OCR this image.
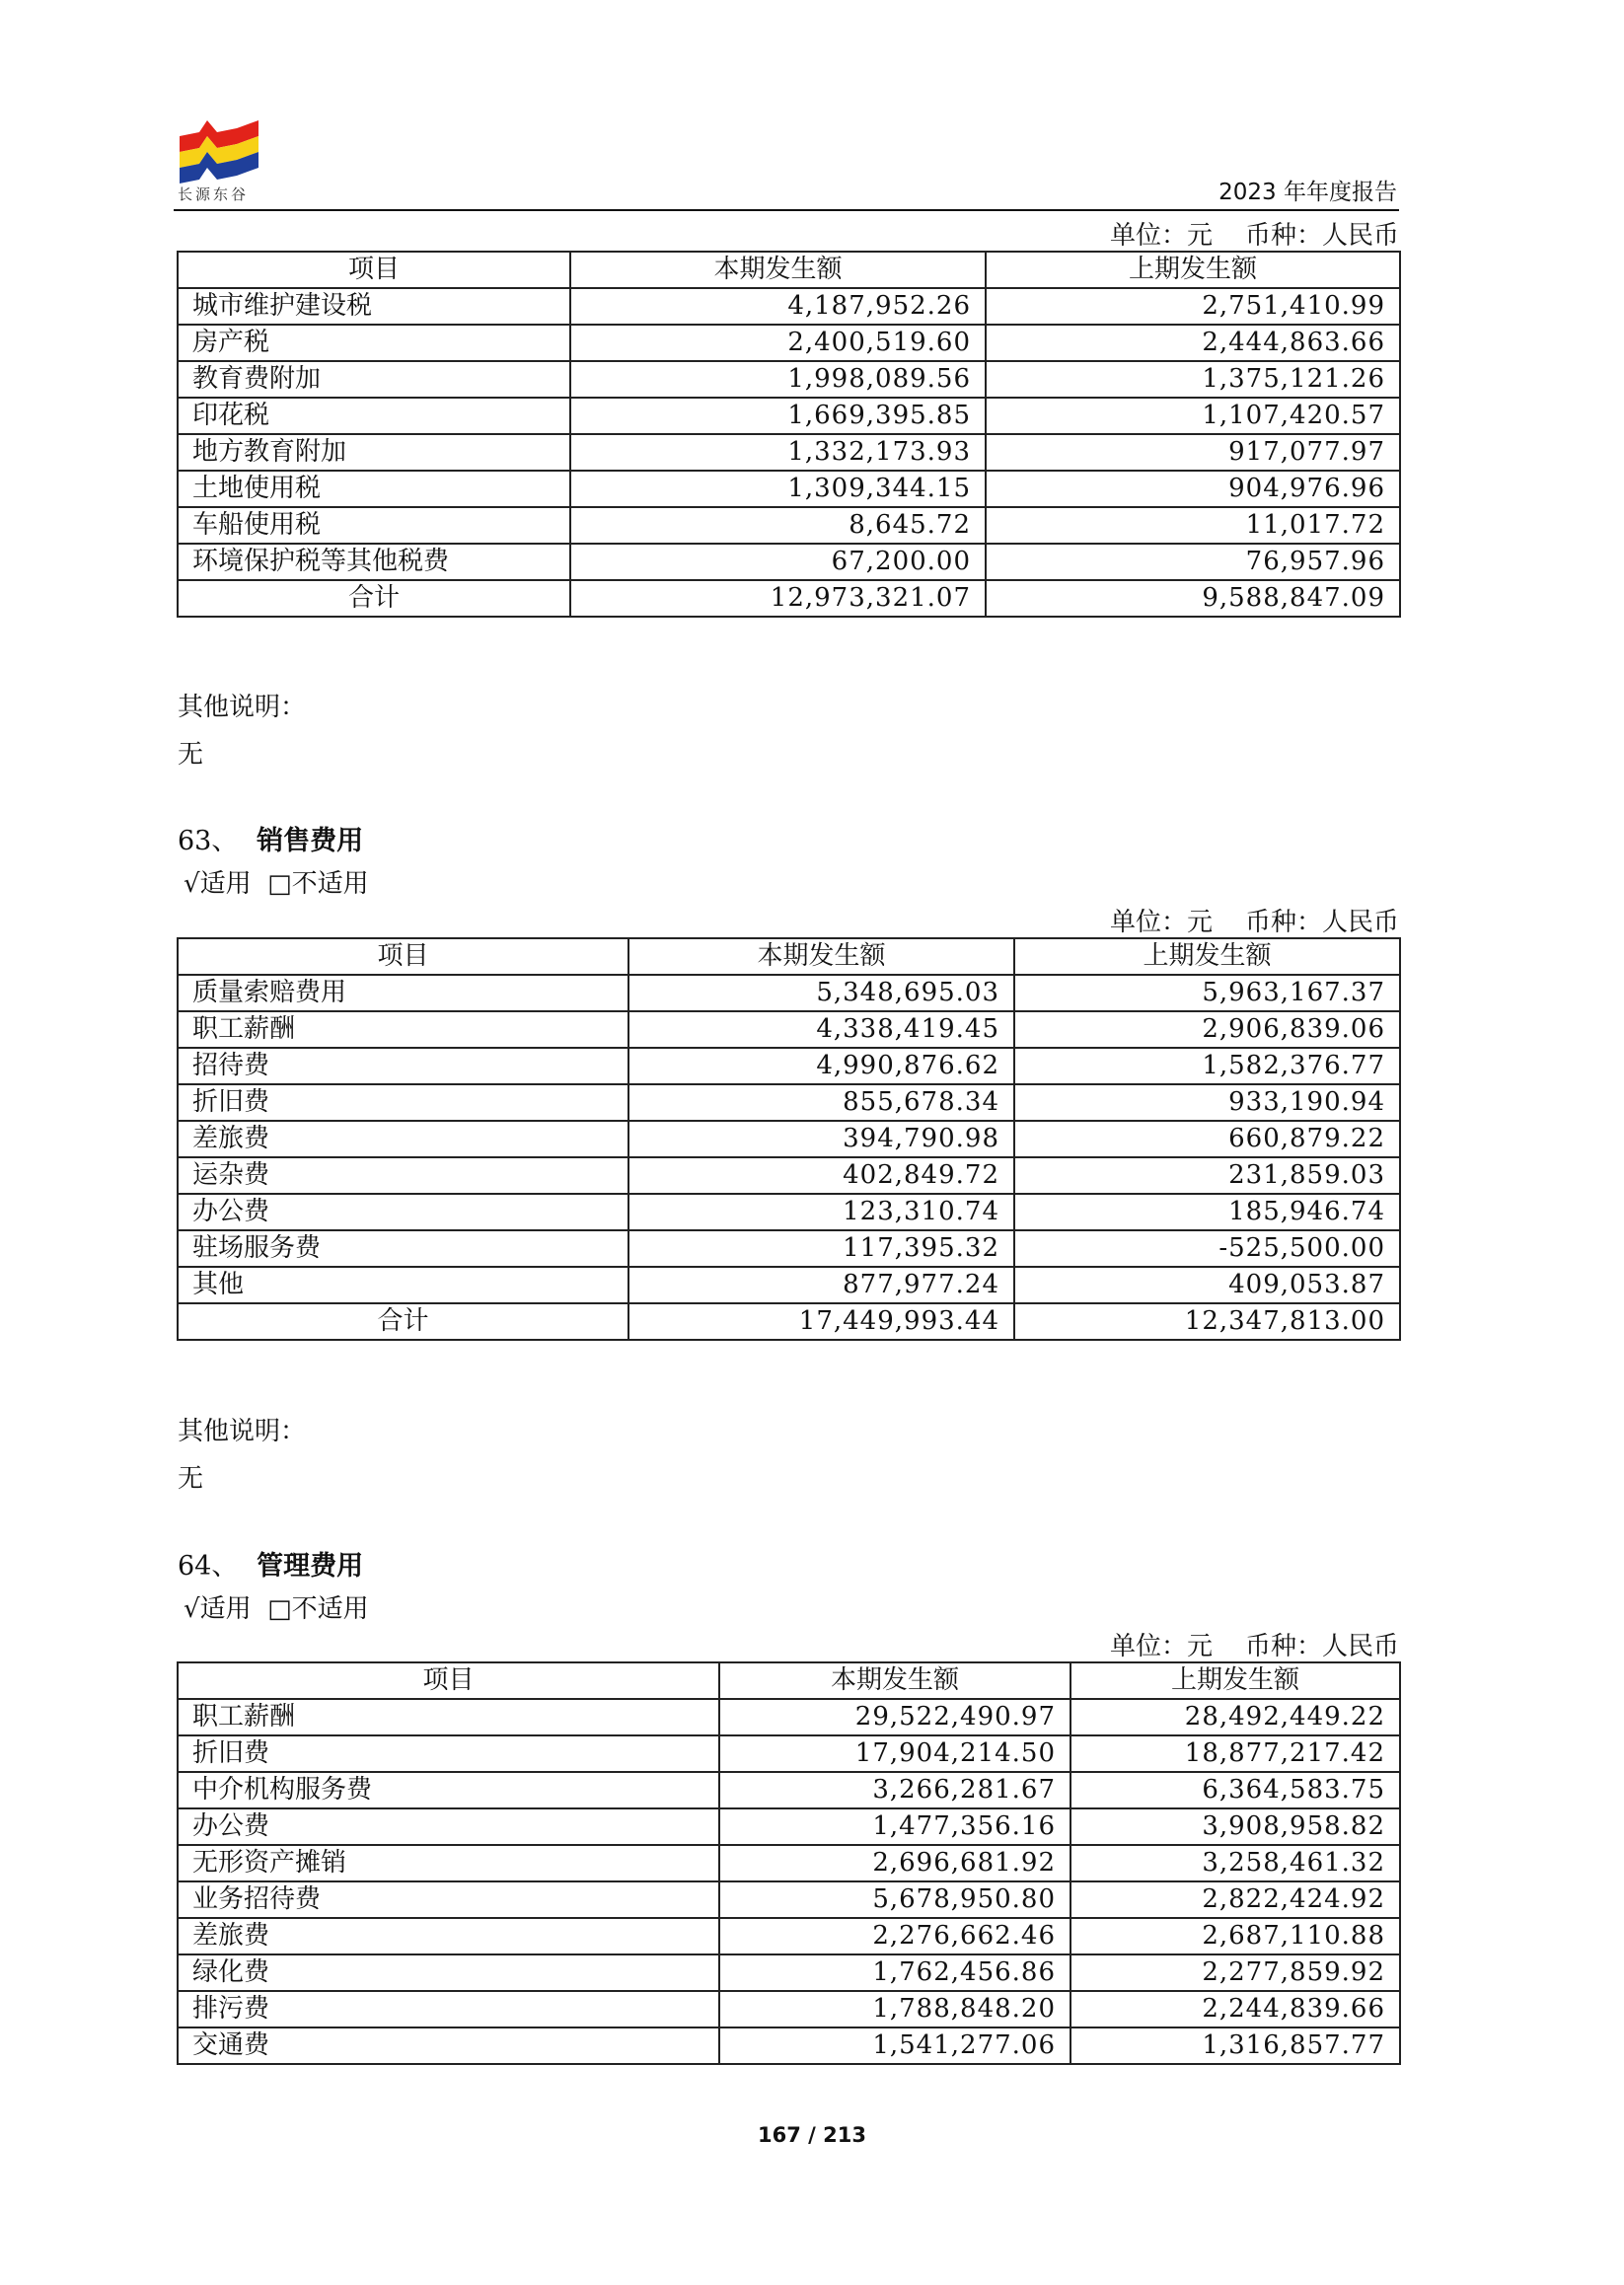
长源东谷	2023 年年度报告
单位：元    币种：人民币
项目	本期发生额	上期发生额
城市维护建设税	4,187,952.26	2,751,410.99
房产税	2,400,519.60	2,444,863.66
教育费附加	1,998,089.56	1,375,121.26
印花税	1,669,395.85	1,107,420.57
地方教育附加	1,332,173.93	917,077.97
土地使用税	1,309,344.15	904,976.96
车船使用税	8,645.72	11,017.72
环境保护税等其他税费	67,200.00	76,957.96
合计	12,973,321.07	9,588,847.09
其他说明：
无
63、 销售费用
√适用  □不适用
单位：元    币种：人民币
项目	本期发生额	上期发生额
质量索赔费用	5,348,695.03	5,963,167.37
职工薪酬	4,338,419.45	2,906,839.06
招待费	4,990,876.62	1,582,376.77
折旧费	855,678.34	933,190.94
差旅费	394,790.98	660,879.22
运杂费	402,849.72	231,859.03
办公费	123,310.74	185,946.74
驻场服务费	117,395.32	-525,500.00
其他	877,977.24	409,053.87
合计	17,449,993.44	12,347,813.00
其他说明：
无
64、 管理费用
√适用  □不适用
单位：元    币种：人民币
项目	本期发生额	上期发生额
职工薪酬	29,522,490.97	28,492,449.22
折旧费	17,904,214.50	18,877,217.42
中介机构服务费	3,266,281.67	6,364,583.75
办公费	1,477,356.16	3,908,958.82
无形资产摊销	2,696,681.92	3,258,461.32
业务招待费	5,678,950.80	2,822,424.92
差旅费	2,276,662.46	2,687,110.88
绿化费	1,762,456.86	2,277,859.92
排污费	1,788,848.20	2,244,839.66
交通费	1,541,277.06	1,316,857.77
167 / 213
